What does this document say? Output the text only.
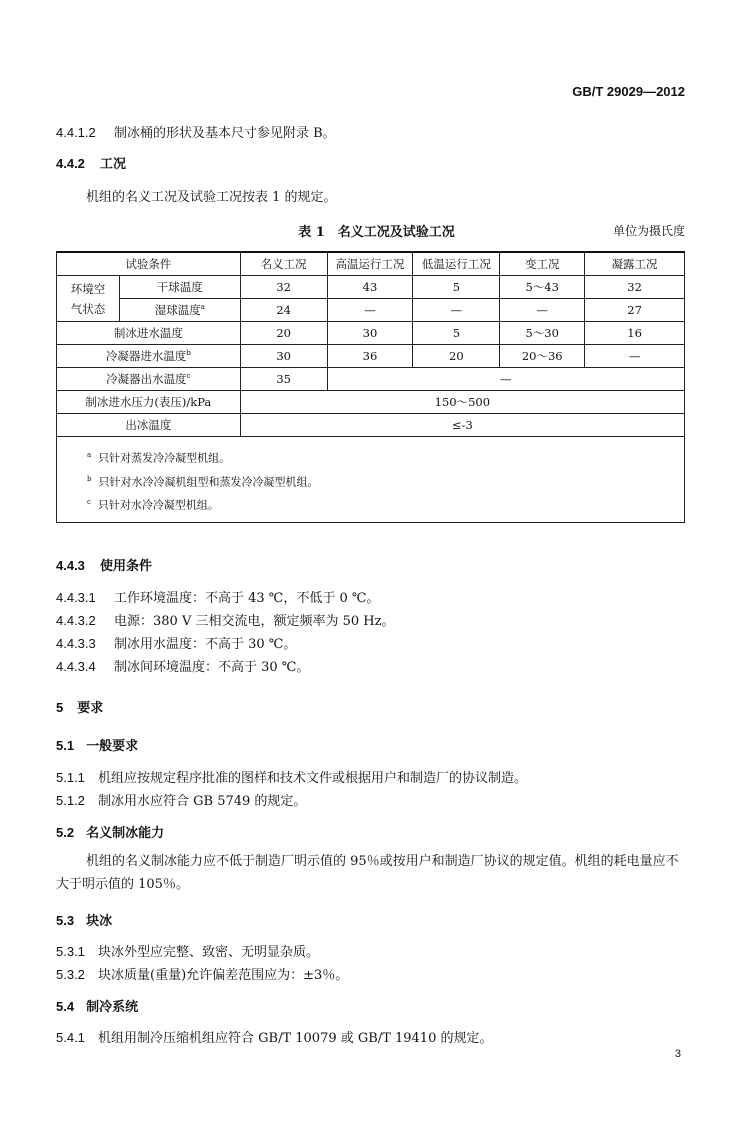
GB/T 29029—2012
4.4.1.2 制冰桶的形状及基本尺寸参见附录 B。
4.4.2 工况
机组的名义工况及试验工况按表 1 的规定。
表 1　名义工况及试验工况	单位为摄氏度
试验条件		名义工况	高温运行工况	低温运行工况	变工况	凝露工况
环境空
气状态	干球温度	32	43	5	5～43	32
	湿球温度$^a$	24	—	—	—	27
制冰进水温度		20	30	5	5～30	16
冷凝器进水温度$^b$		30	36	20	20～36	—
冷凝器出水温度$^c$		35	—			
制冰进水压力(表压)/kPa		150～500				
出冰温度		≤-3				

$^a$ 只针对蒸发冷冷凝型机组。
$^b$ 只针对水冷冷凝机组型和蒸发冷冷凝型机组。
$^c$ 只针对水冷冷凝型机组。						
4.4.3 使用条件
4.4.3.1 工作环境温度：不高于 43 ℃，不低于 0 ℃。
4.4.3.2 电源：380 V 三相交流电，额定频率为 50 Hz。
4.4.3.3 制冰用水温度：不高于 30 ℃。
4.4.3.4 制冰间环境温度：不高于 30 ℃。
5 要求
5.1 一般要求
5.1.1 机组应按规定程序批准的图样和技术文件或根据用户和制造厂的协议制造。
5.1.2 制冰用水应符合 GB 5749 的规定。
5.2 名义制冰能力
机组的名义制冰能力应不低于制造厂明示值的 95％或按用户和制造厂协议的规定值。机组的耗电量应不大于明示值的 105％。
5.3 块冰
5.3.1 块冰外型应完整、致密、无明显杂质。
5.3.2 块冰质量(重量)允许偏差范围应为：±3％。
5.4 制冷系统
5.4.1 机组用制冷压缩机组应符合 GB/T 10079 或 GB/T 19410 的规定。
3
